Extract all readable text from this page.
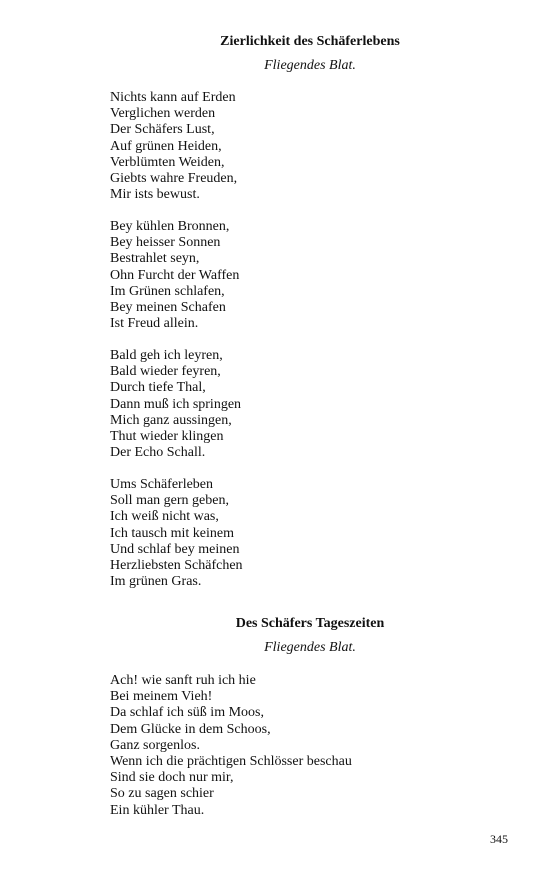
Zierlichkeit des Schäferlebens

Fliegendes Blat.

Nichts kann auf Erden
Verglichen werden
Der Schäfers Lust,
Auf grünen Heiden,
Verblümten Weiden,
Giebts wahre Freuden,
Mir ists bewust.
Bey kühlen Bronnen,
Bey heisser Sonnen
Bestrahlet seyn,
Ohn Furcht der Waffen
Im Grünen schlafen,
Bey meinen Schafen
Ist Freud allein.
Bald geh ich leyren,
Bald wieder feyren,
Durch tiefe Thal,
Dann muß ich springen
Mich ganz aussingen,
Thut wieder klingen
Der Echo Schall.
Ums Schäferleben
Soll man gern geben,
Ich weiß nicht was,
Ich tausch mit keinem
Und schlaf bey meinen
Herzliebsten Schäfchen
Im grünen Gras.
Des Schäfers Tageszeiten

Fliegendes Blat.

Ach! wie sanft ruh ich hie
Bei meinem Vieh!
Da schlaf ich süß im Moos,
Dem Glücke in dem Schoos,
Ganz sorgenlos.
Wenn ich die prächtigen Schlösser beschau
Sind sie doch nur mir,
So zu sagen schier
Ein kühler Thau.
345
